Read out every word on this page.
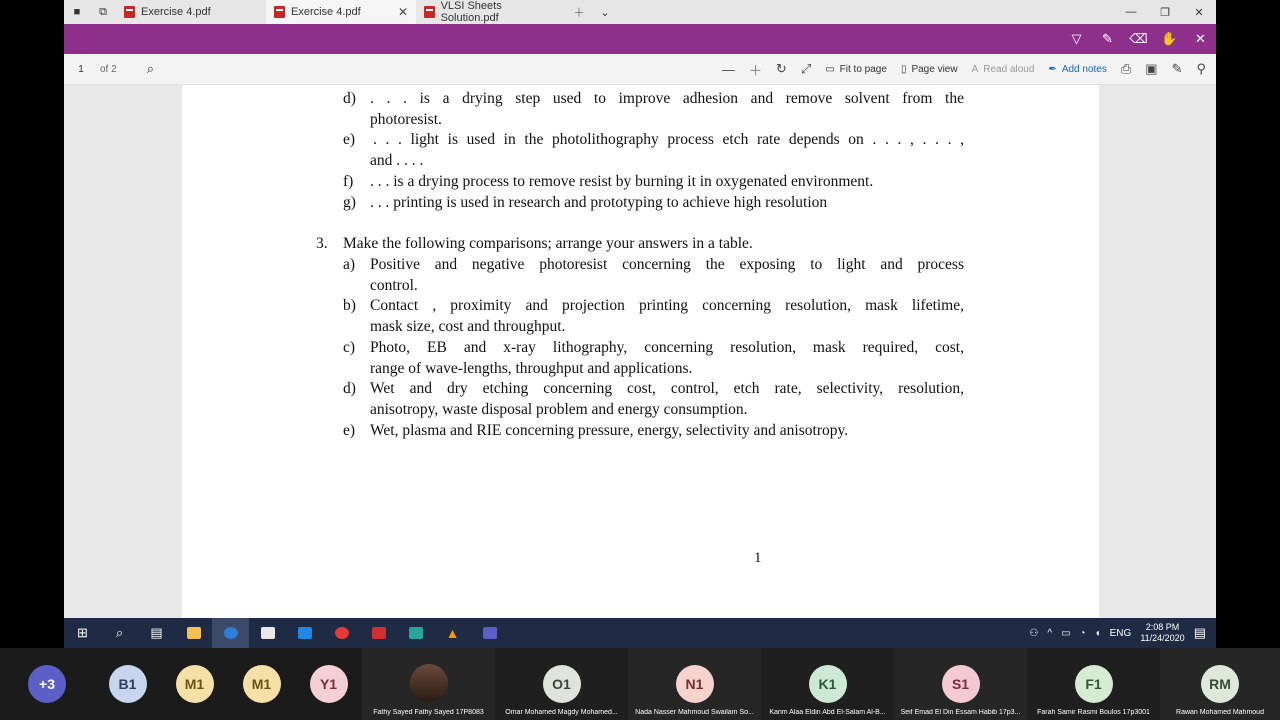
■	⧉	Exercise 4.pdf	Exercise 4.pdf	✕	VLSI Sheets Solution.pdf	＋	⌄	—	❐	✕
▽	✎	⌫	✋	✕
1	of 2 ⌕	— ＋ ↻ ⤢ ▭ Fit to page ▯ Page view A Read aloud ✒ Add notes ⎙ ▣ ✎ ⚲
d) . . . is a drying step used to improve adhesion and remove solvent from the
photoresist.
e) . . . light is used in the photolithography process etch rate depends on . . . , . . . ,
and . . . .
f) . . . is a drying process to remove resist by burning it in oxygenated environment.
g) . . . printing is used in research and prototyping to achieve high resolution
3. Make the following comparisons; arrange your answers in a table.
a) Positive and negative photoresist concerning the exposing to light and process
control.
b) Contact , proximity and projection printing concerning resolution, mask lifetime,
mask size, cost and throughput.
c) Photo, EB and x-ray lithography, concerning resolution, mask required, cost,
range of wave-lengths, throughput and applications.
d) Wet and dry etching concerning cost, control, etch rate, selectivity, resolution,
anisotropy, waste disposal problem and energy consumption.
e) Wet, plasma and RIE concerning pressure, energy, selectivity and anisotropy.
1
⊞	⌕	▤	▲	⚇ ^ ▭ ◔ ◖ ENG
2:08 PM
11/24/2020 ▤
+3	B1	M1	M1	Y1
Fathy Sayed Fathy Sayed 17P8083
O1
Omar Mohamed Magdy Mohamed...
N1
Nada Nasser Mahmoud Swailam So...
K1
Karim Alaa Eldin Abd El-Salam Al-B...
S1
Seif Emad El Din Essam Habib 17p3...
F1
Farah Samir Rasmi Boulos 17p3001
RM
Rawan Mohamed Mahmoud
